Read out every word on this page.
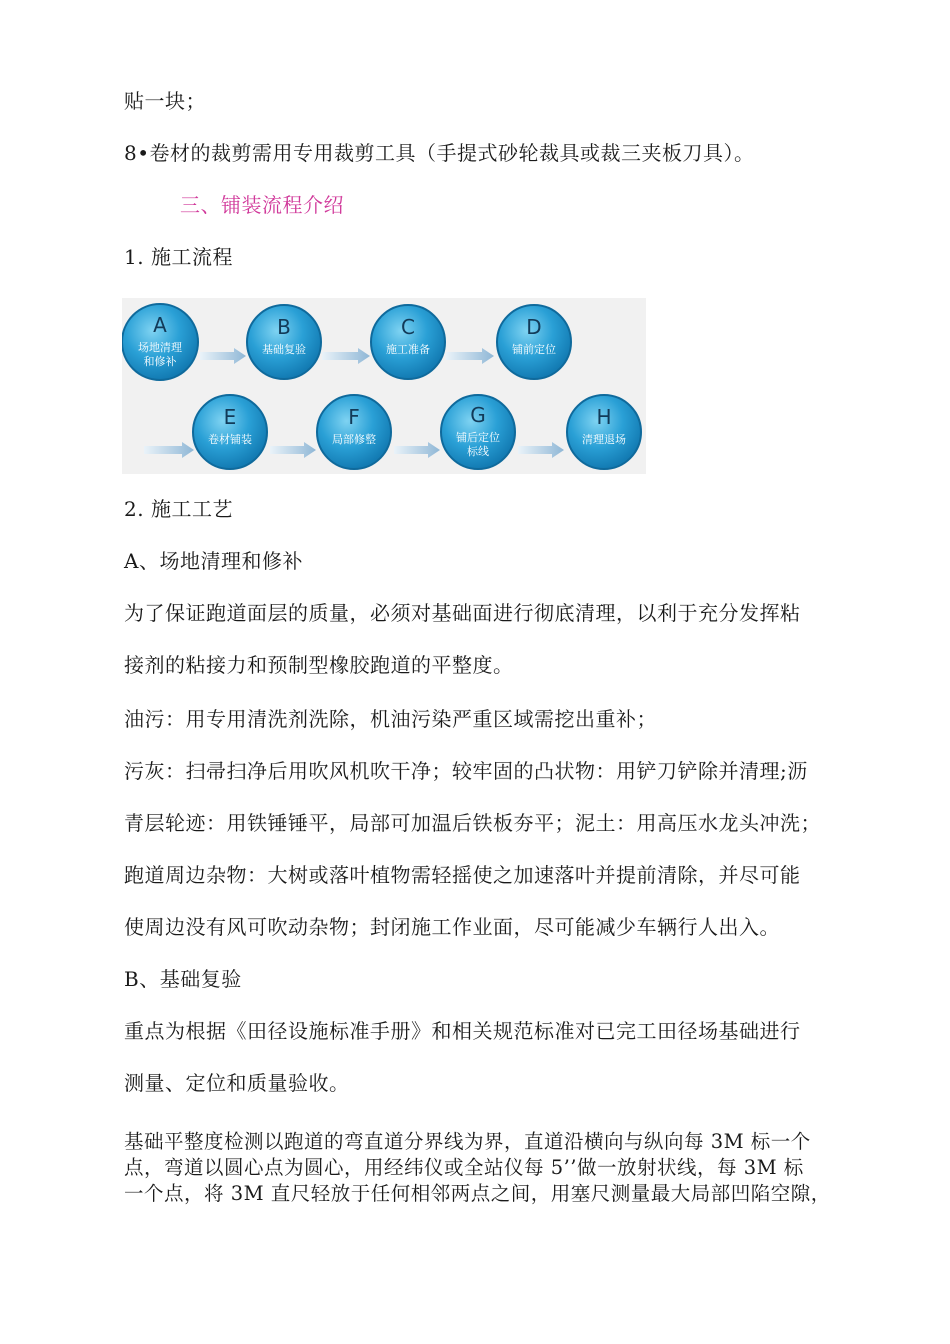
贴一块；
8•卷材的裁剪需用专用裁剪工具（手提式砂轮裁具或裁三夹板刀具）。
三、铺装流程介绍
1. 施工流程
A
场地清理
和修补
B
基础复验
C
施工准备
D
铺前定位
E
卷材铺装
F
局部修整
G
铺后定位
标线
H
清理退场
2. 施工工艺
A、场地清理和修补
为了保证跑道面层的质量，必须对基础面进行彻底清理，以利于充分发挥粘
接剂的粘接力和预制型橡胶跑道的平整度。
油污：用专用清洗剂洗除，机油污染严重区域需挖出重补；
污灰：扫帚扫净后用吹风机吹干净；较牢固的凸状物：用铲刀铲除并清理;沥
青层轮迹：用铁锤锤平，局部可加温后铁板夯平；泥土：用高压水龙头冲洗；
跑道周边杂物：大树或落叶植物需轻摇使之加速落叶并提前清除，并尽可能
使周边没有风可吹动杂物；封闭施工作业面，尽可能减少车辆行人出入。
B、基础复验
重点为根据《田径设施标准手册》和相关规范标准对已完工田径场基础进行
测量、定位和质量验收。
基础平整度检测以跑道的弯直道分界线为界，直道沿横向与纵向每 3M 标一个
点，弯道以圆心点为圆心，用经纬仪或全站仪每 5’’做一放射状线，每 3M 标
一个点，将 3M 直尺轻放于任何相邻两点之间，用塞尺测量最大局部凹陷空隙，
